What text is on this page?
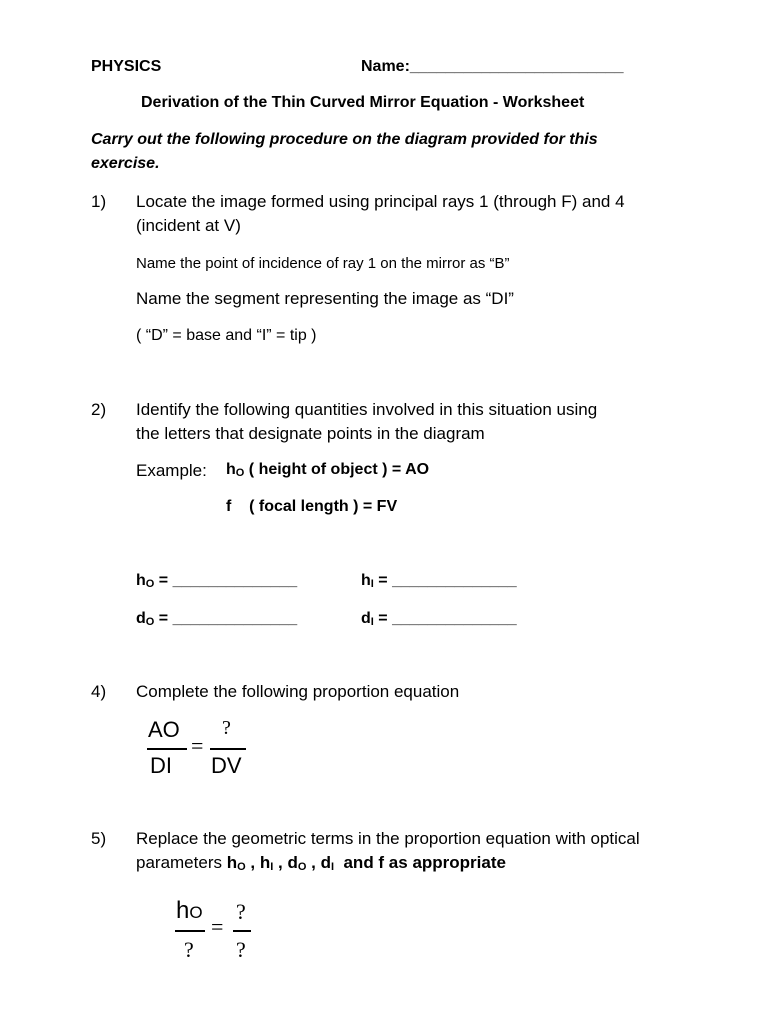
PHYSICS	Name:________________________
Derivation of the Thin Curved Mirror Equation - Worksheet
Carry out the following procedure on the diagram provided for this
exercise.
1) Locate the image formed using principal rays 1 (through F) and 4
(incident at V)
Name the point of incidence of ray 1 on the mirror as “B”
Name the segment representing the image as “DI”
( “D” = base and “I” = tip )
2) Identify the following quantities involved in this situation using
the letters that designate points in the diagram
Example: $h_O$ ( height of object ) = AO
f    ( focal length ) = FV
$h_O$ = ______________	$h_I$ = ______________
$d_O$ = ______________	$d_I$ = ______________
4) Complete the following proportion equation
AO
DI
=
?
DV
5) Replace the geometric terms in the proportion equation with optical
parameters $h_O$ , $h_I$ , $d_O$ , $d_I$  and f as appropriate
hO
?
=
?
?
